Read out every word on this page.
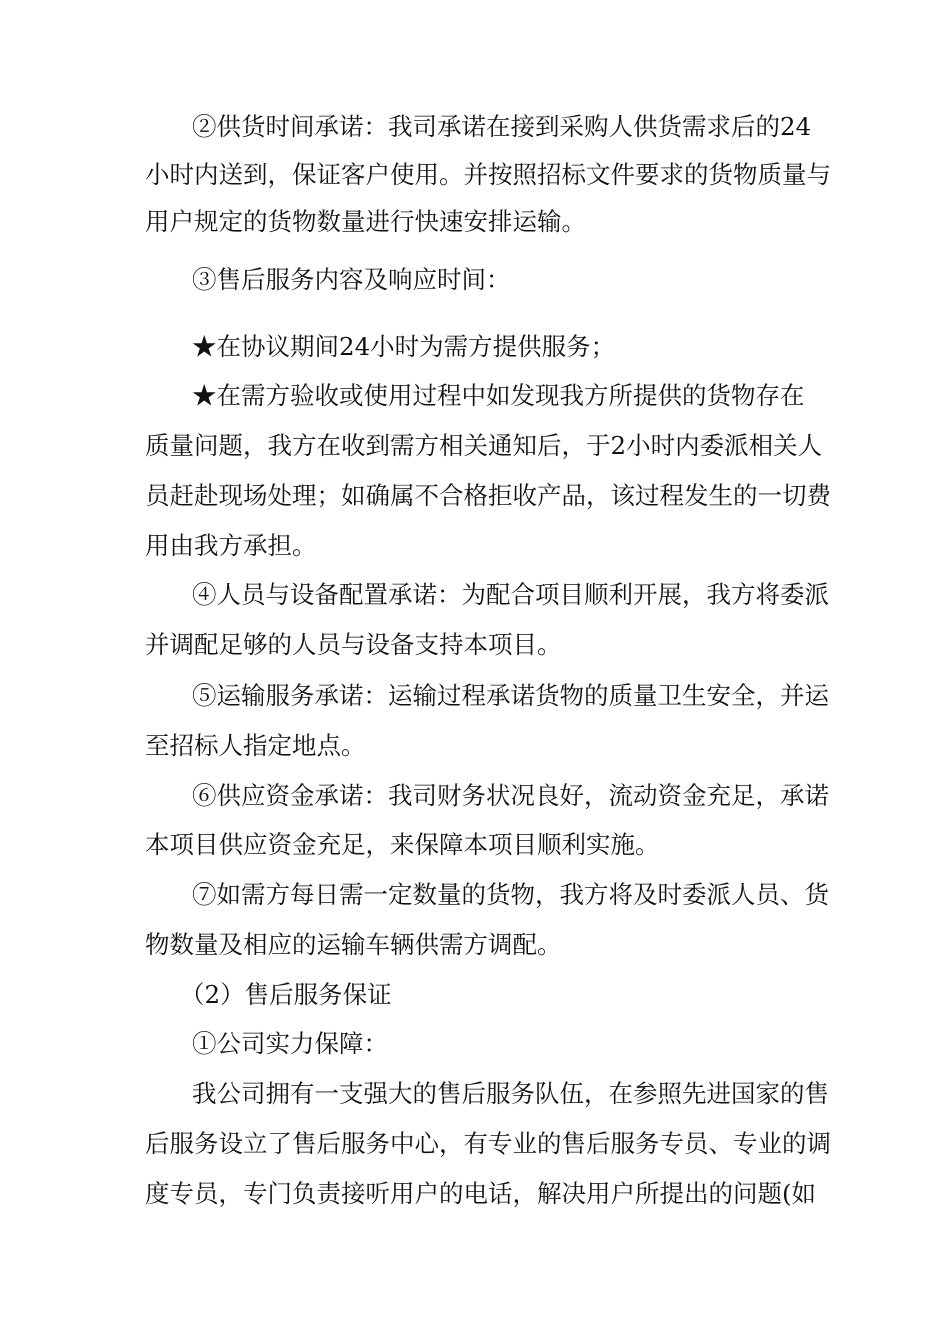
②供货时间承诺：我司承诺在接到采购人供货需求后的24
小时内送到，保证客户使用。并按照招标文件要求的货物质量与
用户规定的货物数量进行快速安排运输。
③售后服务内容及响应时间：
★在协议期间24小时为需方提供服务；
★在需方验收或使用过程中如发现我方所提供的货物存在
质量问题，我方在收到需方相关通知后，于2小时内委派相关人
员赶赴现场处理；如确属不合格拒收产品，该过程发生的一切费
用由我方承担。
④人员与设备配置承诺：为配合项目顺利开展，我方将委派
并调配足够的人员与设备支持本项目。
⑤运输服务承诺：运输过程承诺货物的质量卫生安全，并运
至招标人指定地点。
⑥供应资金承诺：我司财务状况良好，流动资金充足，承诺
本项目供应资金充足，来保障本项目顺利实施。
⑦如需方每日需一定数量的货物，我方将及时委派人员、货
物数量及相应的运输车辆供需方调配。
（2）售后服务保证
①公司实力保障：
我公司拥有一支强大的售后服务队伍，在参照先进国家的售
后服务设立了售后服务中心，有专业的售后服务专员、专业的调
度专员，专门负责接听用户的电话，解决用户所提出的问题(如
